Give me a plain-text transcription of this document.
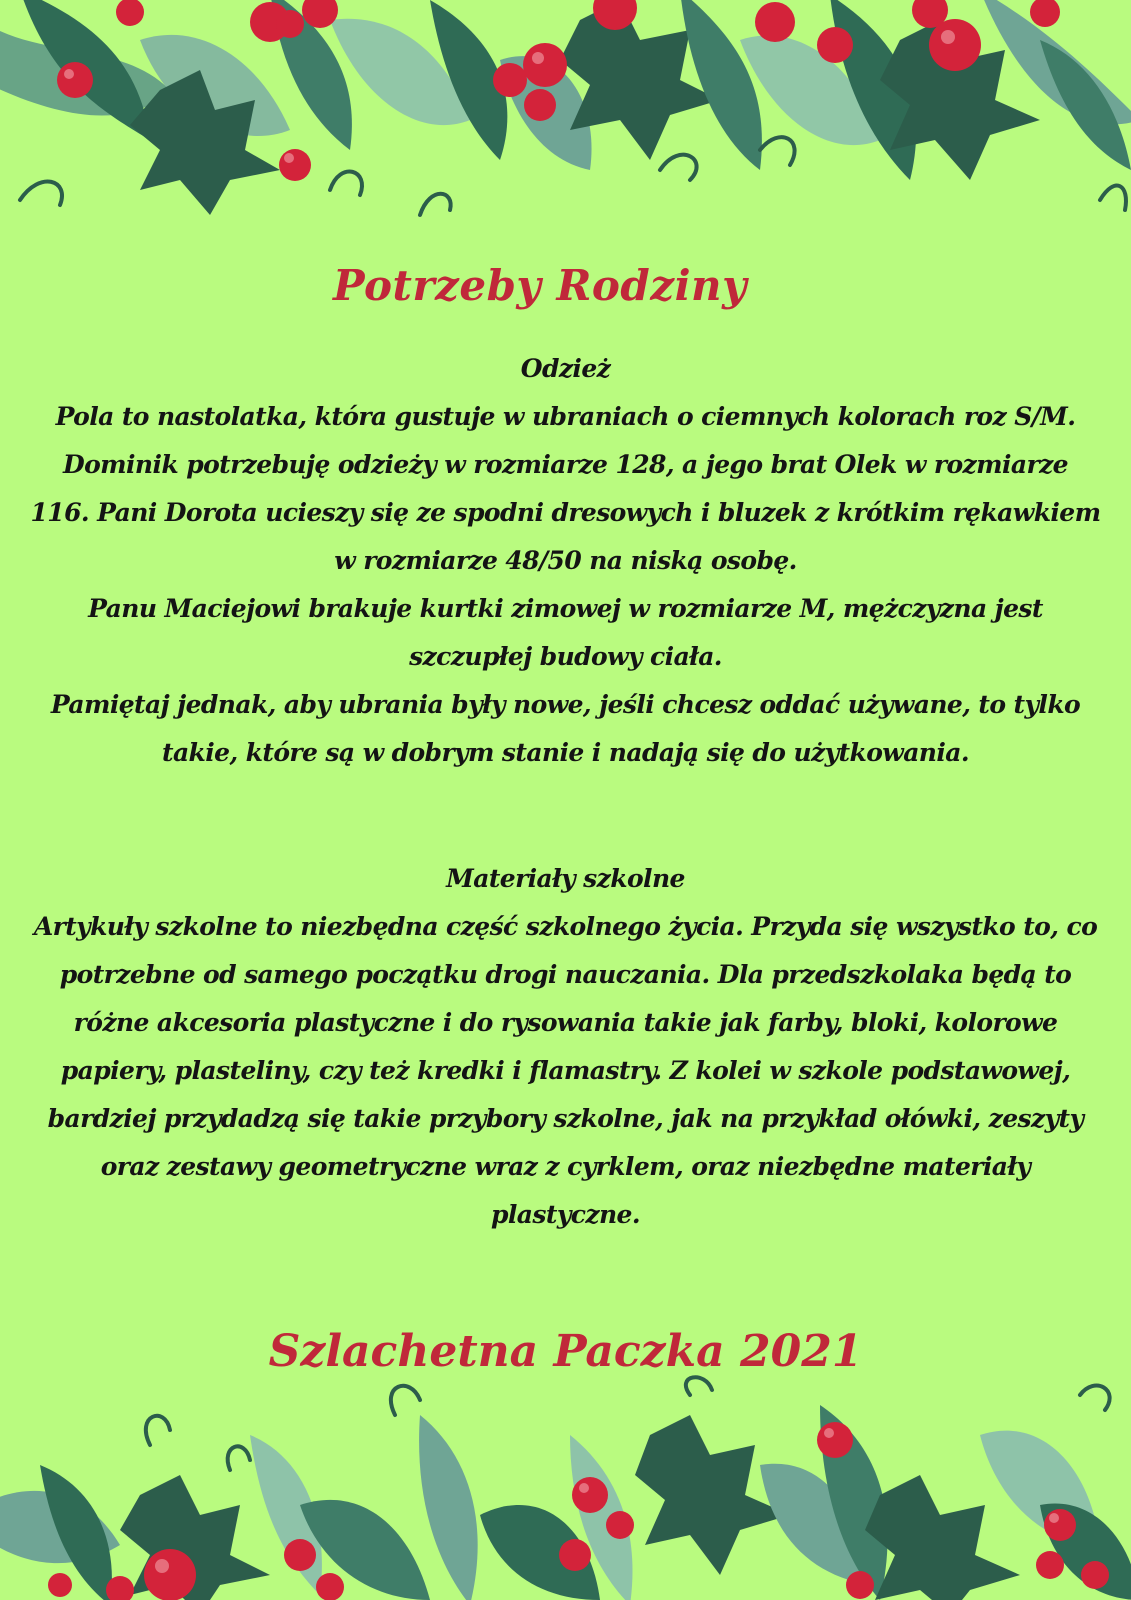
Potrzeby Rodziny
Odzież

Pola to nastolatka, która gustuje w ubraniach o ciemnych kolorach roz S/M. Dominik potrzebuję odzieży w rozmiarze 128, a jego brat Olek w rozmiarze 116. Pani Dorota ucieszy się ze spodni dresowych i bluzek z krótkim rękawkiem w rozmiarze 48/50 na niską osobę.

Panu Maciejowi brakuje kurtki zimowej w rozmiarze M, mężczyzna jest szczupłej budowy ciała.

Pamiętaj jednak, aby ubrania były nowe, jeśli chcesz oddać używane, to tylko takie, które są w dobrym stanie i nadają się do użytkowania.

Materiały szkolne

Artykuły szkolne to niezbędna część szkolnego życia. Przyda się wszystko to, co potrzebne od samego początku drogi nauczania. Dla przedszkolaka będą to różne akcesoria plastyczne i do rysowania takie jak farby, bloki, kolorowe papiery, plasteliny, czy też kredki i flamastry. Z kolei w szkole podstawowej, bardziej przydadzą się takie przybory szkolne, jak na przykład ołówki, zeszyty oraz zestawy geometryczne wraz z cyrklem, oraz niezbędne materiały plastyczne.

Szlachetna Paczka 2021
